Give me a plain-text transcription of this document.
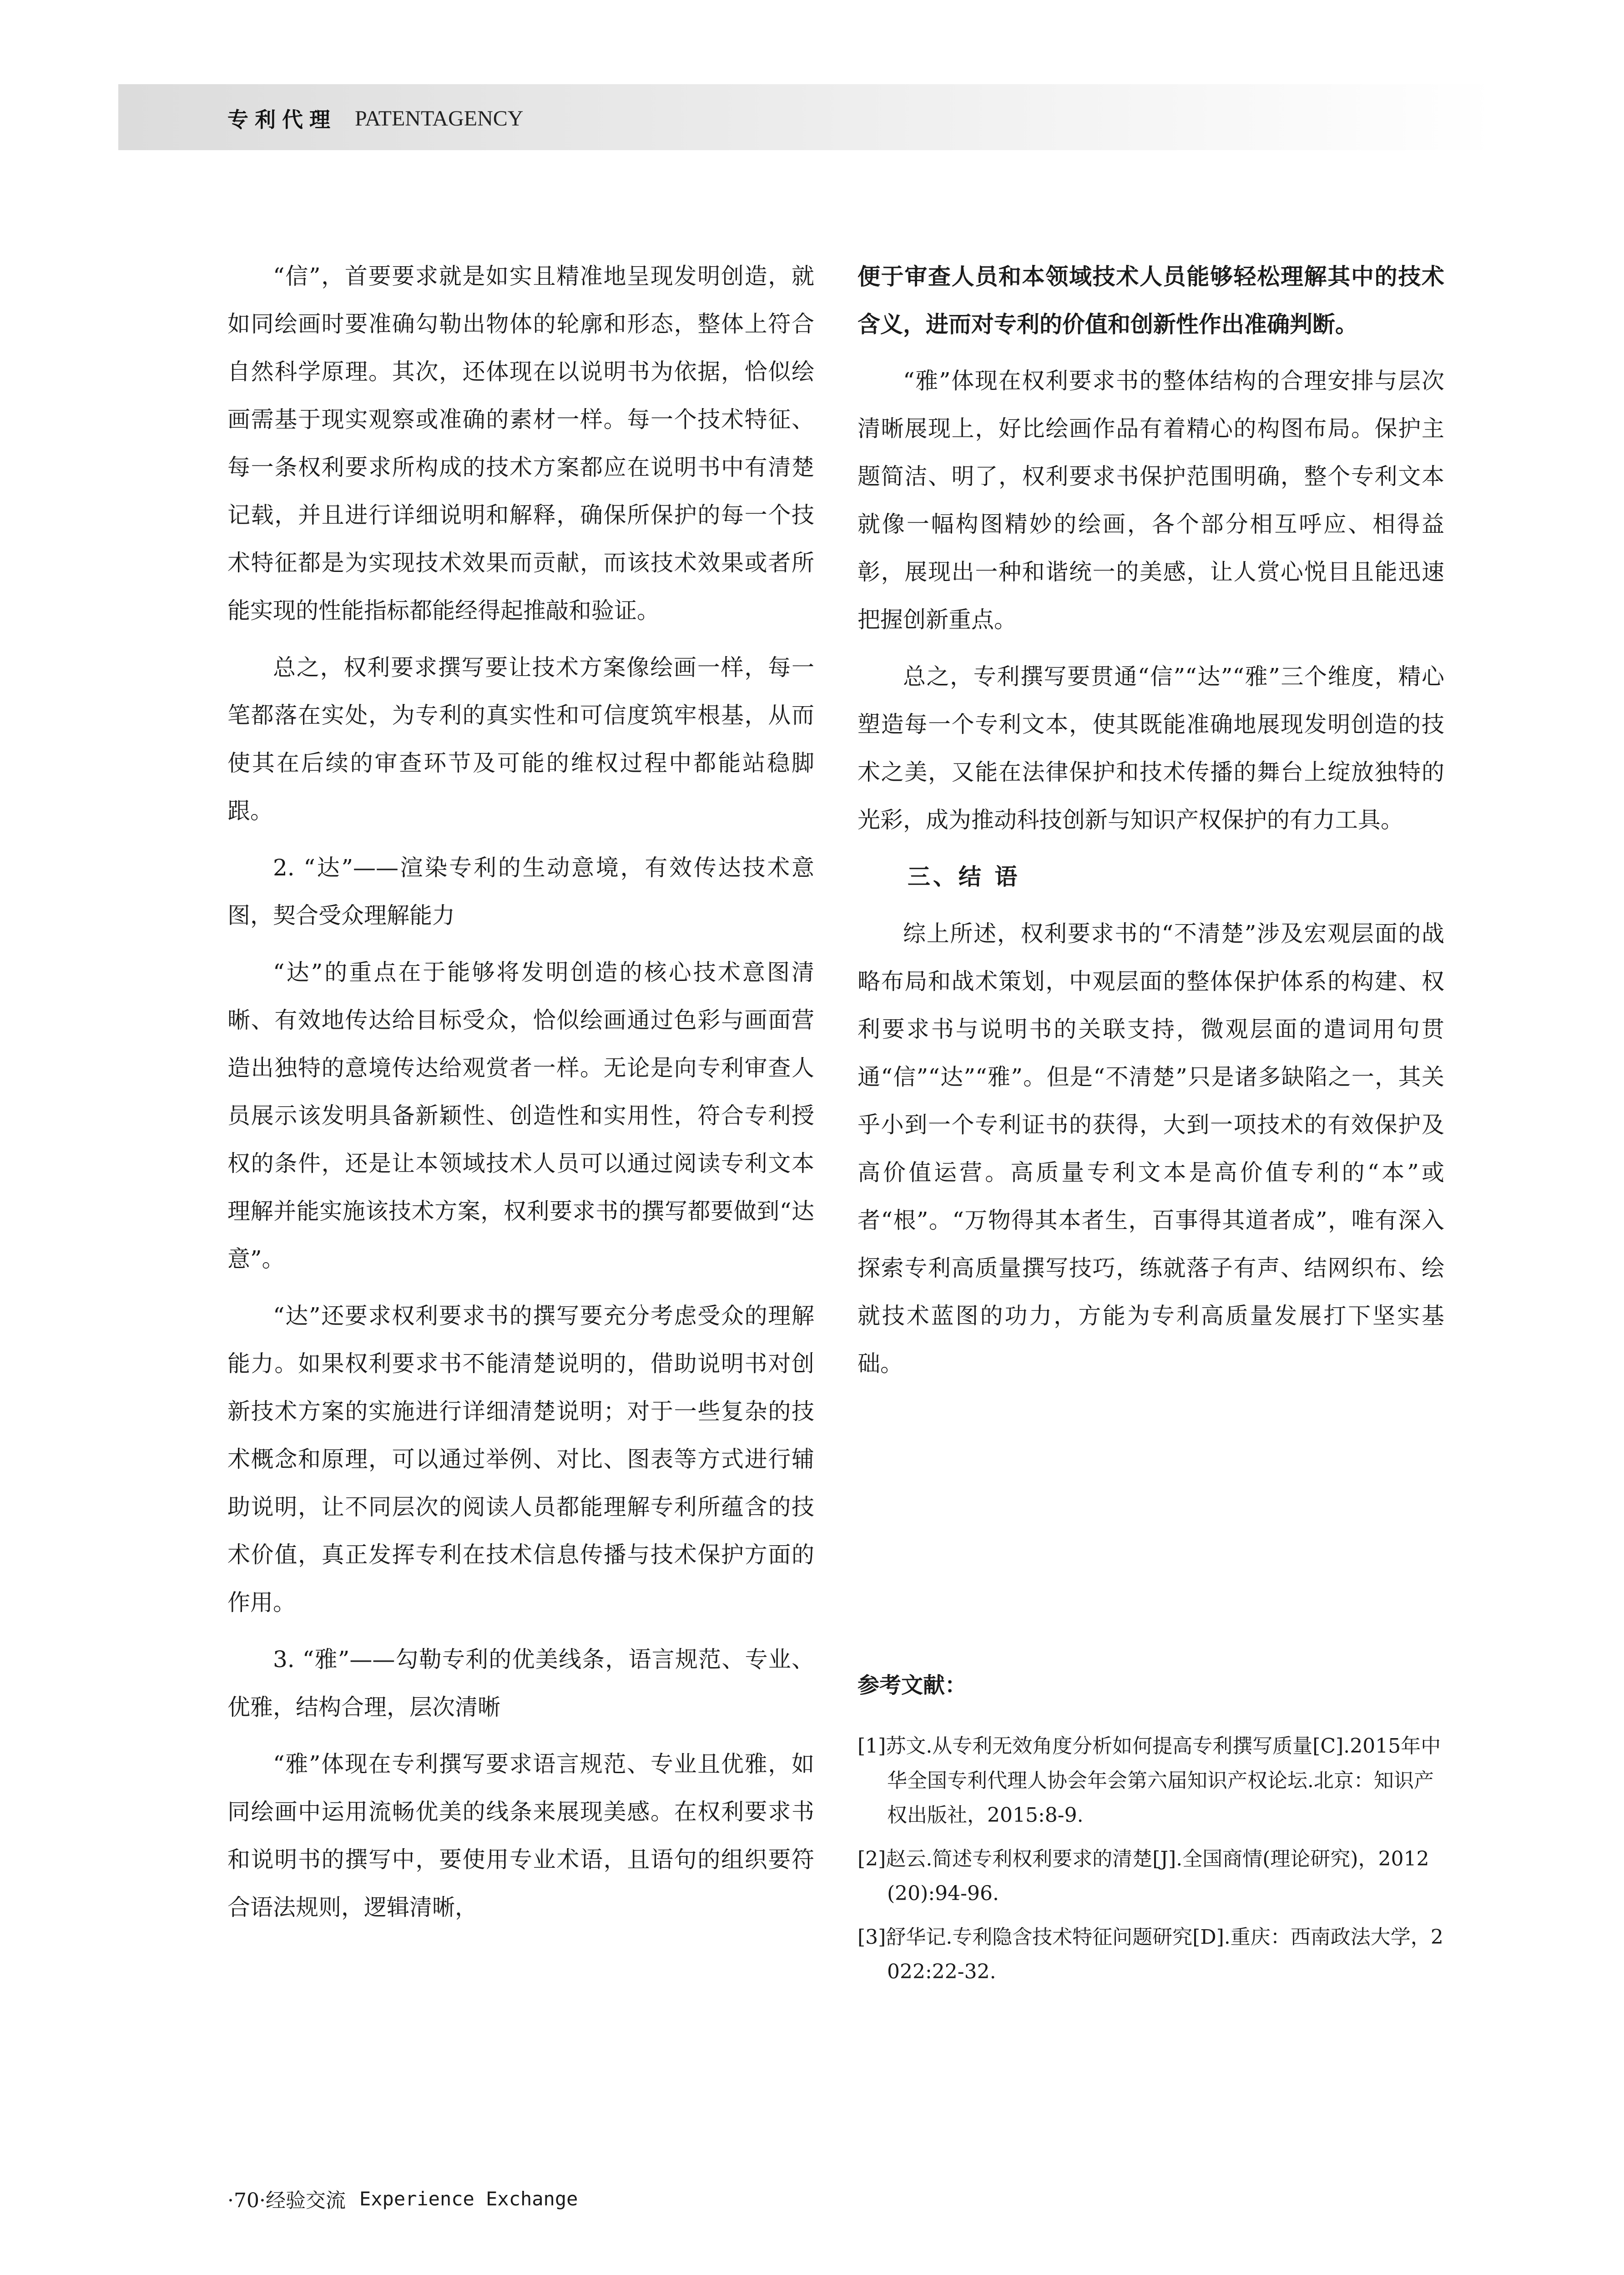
专利代理 PATENTAGENCY

“信”，首要要求就是如实且精准地呈现发明创造，就如同绘画时要准确勾勒出物体的轮廓和形态，整体上符合自然科学原理。其次，还体现在以说明书为依据，恰似绘画需基于现实观察或准确的素材一样。每一个技术特征、每一条权利要求所构成的技术方案都应在说明书中有清楚记载，并且进行详细说明和解释，确保所保护的每一个技术特征都是为实现技术效果而贡献，而该技术效果或者所能实现的性能指标都能经得起推敲和验证。

总之，权利要求撰写要让技术方案像绘画一样，每一笔都落在实处，为专利的真实性和可信度筑牢根基，从而使其在后续的审查环节及可能的维权过程中都能站稳脚跟。

2. “达”——渲染专利的生动意境，有效传达技术意图，契合受众理解能力

“达”的重点在于能够将发明创造的核心技术意图清晰、有效地传达给目标受众，恰似绘画通过色彩与画面营造出独特的意境传达给观赏者一样。无论是向专利审查人员展示该发明具备新颖性、创造性和实用性，符合专利授权的条件，还是让本领域技术人员可以通过阅读专利文本理解并能实施该技术方案，权利要求书的撰写都要做到“达意”。

“达”还要求权利要求书的撰写要充分考虑受众的理解能力。如果权利要求书不能清楚说明的，借助说明书对创新技术方案的实施进行详细清楚说明；对于一些复杂的技术概念和原理，可以通过举例、对比、图表等方式进行辅助说明，让不同层次的阅读人员都能理解专利所蕴含的技术价值，真正发挥专利在技术信息传播与技术保护方面的作用。

3. “雅”——勾勒专利的优美线条，语言规范、专业、优雅，结构合理，层次清晰

“雅”体现在专利撰写要求语言规范、专业且优雅，如同绘画中运用流畅优美的线条来展现美感。在权利要求书和说明书的撰写中，要使用专业术语，且语句的组织要符合语法规则，逻辑清晰，

便于审查人员和本领域技术人员能够轻松理解其中的技术含义，进而对专利的价值和创新性作出准确判断。

“雅”体现在权利要求书的整体结构的合理安排与层次清晰展现上，好比绘画作品有着精心的构图布局。保护主题简洁、明了，权利要求书保护范围明确，整个专利文本就像一幅构图精妙的绘画，各个部分相互呼应、相得益彰，展现出一种和谐统一的美感，让人赏心悦目且能迅速把握创新重点。

总之，专利撰写要贯通“信”“达”“雅”三个维度，精心塑造每一个专利文本，使其既能准确地展现发明创造的技术之美，又能在法律保护和技术传播的舞台上绽放独特的光彩，成为推动科技创新与知识产权保护的有力工具。

三、结 语

综上所述，权利要求书的“不清楚”涉及宏观层面的战略布局和战术策划，中观层面的整体保护体系的构建、权利要求书与说明书的关联支持，微观层面的遣词用句贯通“信”“达”“雅”。但是“不清楚”只是诸多缺陷之一，其关乎小到一个专利证书的获得，大到一项技术的有效保护及高价值运营。高质量专利文本是高价值专利的“本”或者“根”。“万物得其本者生，百事得其道者成”，唯有深入探索专利高质量撰写技巧，练就落子有声、结网织布、绘就技术蓝图的功力，方能为专利高质量发展打下坚实基础。

参考文献：

[1]苏文.从专利无效角度分析如何提高专利撰写质量[C].2015年中华全国专利代理人协会年会第六届知识产权论坛.北京：知识产权出版社，2015:8-9.

[2]赵云.简述专利权利要求的清楚[J].全国商情(理论研究)，2012(20):94-96.

[3]舒华记.专利隐含技术特征问题研究[D].重庆：西南政法大学，2022:22-32.

·70·经验交流 Experience Exchange
